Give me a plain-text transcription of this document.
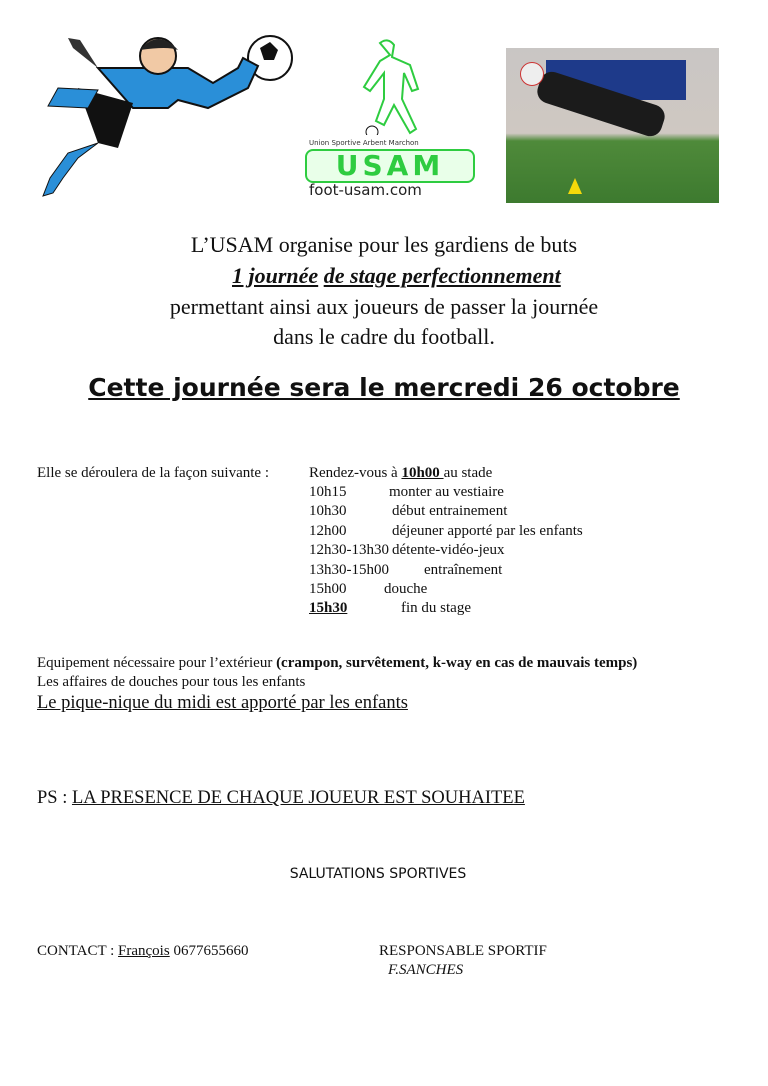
Union Sportive Arbent Marchon
USAM
foot-usam.com
L’USAM organise pour les gardiens de buts
1 journée de stage perfectionnement
permettant ainsi aux joueurs de passer la journée
dans le cadre du football.
Cette journée sera le mercredi 26 octobre
Elle se déroulera de la façon suivante :	Rendez-vous à 10h00 au stade
10h15	monter au vestiaire
10h30	début entrainement
12h00	déjeuner apporté par les enfants
12h30-13h30 détente-vidéo-jeux
13h30-15h00 entraînement
15h00	douche
15h30	fin du stage
Equipement nécessaire pour l’extérieur (crampon, survêtement, k-way en cas de mauvais temps)
Les affaires de douches pour tous les enfants
Le pique-nique du midi est apporté par les enfants
PS : LA PRESENCE DE CHAQUE JOUEUR EST SOUHAITEE
SALUTATIONS SPORTIVES
CONTACT : François 0677655660	RESPONSABLE SPORTIF
F.SANCHES
